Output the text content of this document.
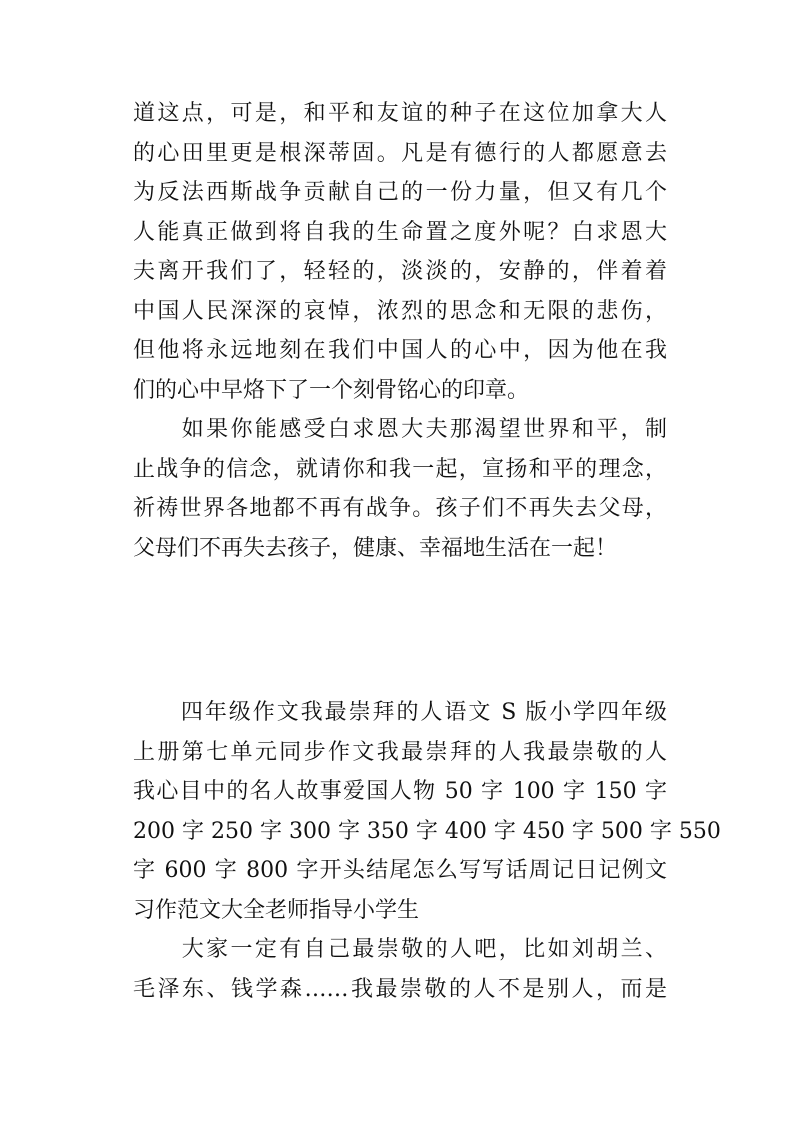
道这点，可是，和平和友谊的种子在这位加拿大人
的心田里更是根深蒂固。凡是有德行的人都愿意去
为反法西斯战争贡献自己的一份力量，但又有几个
人能真正做到将自我的生命置之度外呢？白求恩大
夫离开我们了，轻轻的，淡淡的，安静的，伴着着
中国人民深深的哀悼，浓烈的思念和无限的悲伤，
但他将永远地刻在我们中国人的心中，因为他在我
们的心中早烙下了一个刻骨铭心的印章。
　　如果你能感受白求恩大夫那渴望世界和平，制
止战争的信念，就请你和我一起，宣扬和平的理念，
祈祷世界各地都不再有战争。孩子们不再失去父母，
父母们不再失去孩子，健康、幸福地生活在一起！
　　四年级作文我最崇拜的人语文 S 版小学四年级
上册第七单元同步作文我最崇拜的人我最崇敬的人
我心目中的名人故事爱国人物 50 字 100 字 150 字
200 字 250 字 300 字 350 字 400 字 450 字 500 字 550
字 600 字 800 字开头结尾怎么写写话周记日记例文
习作范文大全老师指导小学生
　　大家一定有自己最崇敬的人吧，比如刘胡兰、
毛泽东、钱学森……我最崇敬的人不是别人，而是
